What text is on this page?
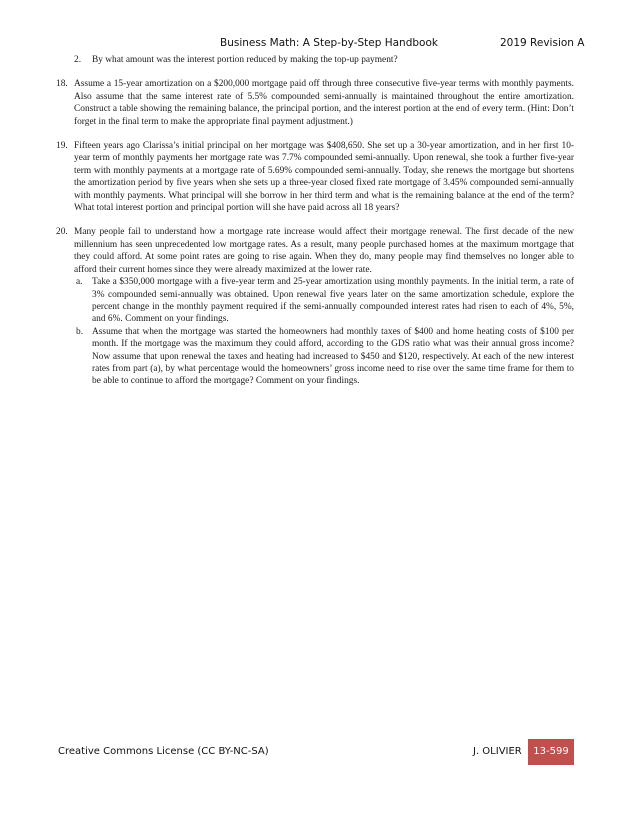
Business Math: A Step-by-Step Handbook	2019 Revision A
2. By what amount was the interest portion reduced by making the top-up payment?
18. Assume a 15-year amortization on a $200,000 mortgage paid off through three consecutive five-year terms with monthly payments. Also assume that the same interest rate of 5.5% compounded semi-annually is maintained throughout the entire amortization. Construct a table showing the remaining balance, the principal portion, and the interest portion at the end of every term. (Hint: Don’t forget in the final term to make the appropriate final payment adjustment.)

19. Fifteen years ago Clarissa’s initial principal on her mortgage was $408,650. She set up a 30-year amortization, and in her first 10-year term of monthly payments her mortgage rate was 7.7% compounded semi-annually. Upon renewal, she took a further five-year term with monthly payments at a mortgage rate of 5.69% compounded semi-annually. Today, she renews the mortgage but shortens the amortization period by five years when she sets up a three-year closed fixed rate mortgage of 3.45% compounded semi-annually with monthly payments. What principal will she borrow in her third term and what is the remaining balance at the end of the term? What total interest portion and principal portion will she have paid across all 18 years?

20. Many people fail to understand how a mortgage rate increase would affect their mortgage renewal. The first decade of the new millennium has seen unprecedented low mortgage rates. As a result, many people purchased homes at the maximum mortgage that they could afford. At some point rates are going to rise again. When they do, many people may find themselves no longer able to afford their current homes since they were already maximized at the lower rate.

a. Take a $350,000 mortgage with a five-year term and 25-year amortization using monthly payments. In the initial term, a rate of 3% compounded semi-annually was obtained. Upon renewal five years later on the same amortization schedule, explore the percent change in the monthly payment required if the semi-annually compounded interest rates had risen to each of 4%, 5%, and 6%. Comment on your findings.
b. Assume that when the mortgage was started the homeowners had monthly taxes of $400 and home heating costs of $100 per month. If the mortgage was the maximum they could afford, according to the GDS ratio what was their annual gross income? Now assume that upon renewal the taxes and heating had increased to $450 and $120, respectively. At each of the new interest rates from part (a), by what percentage would the homeowners’ gross income need to rise over the same time frame for them to be able to continue to afford the mortgage? Comment on your findings.
Creative Commons License (CC BY-NC-SA)	J. OLIVIER	13-599
